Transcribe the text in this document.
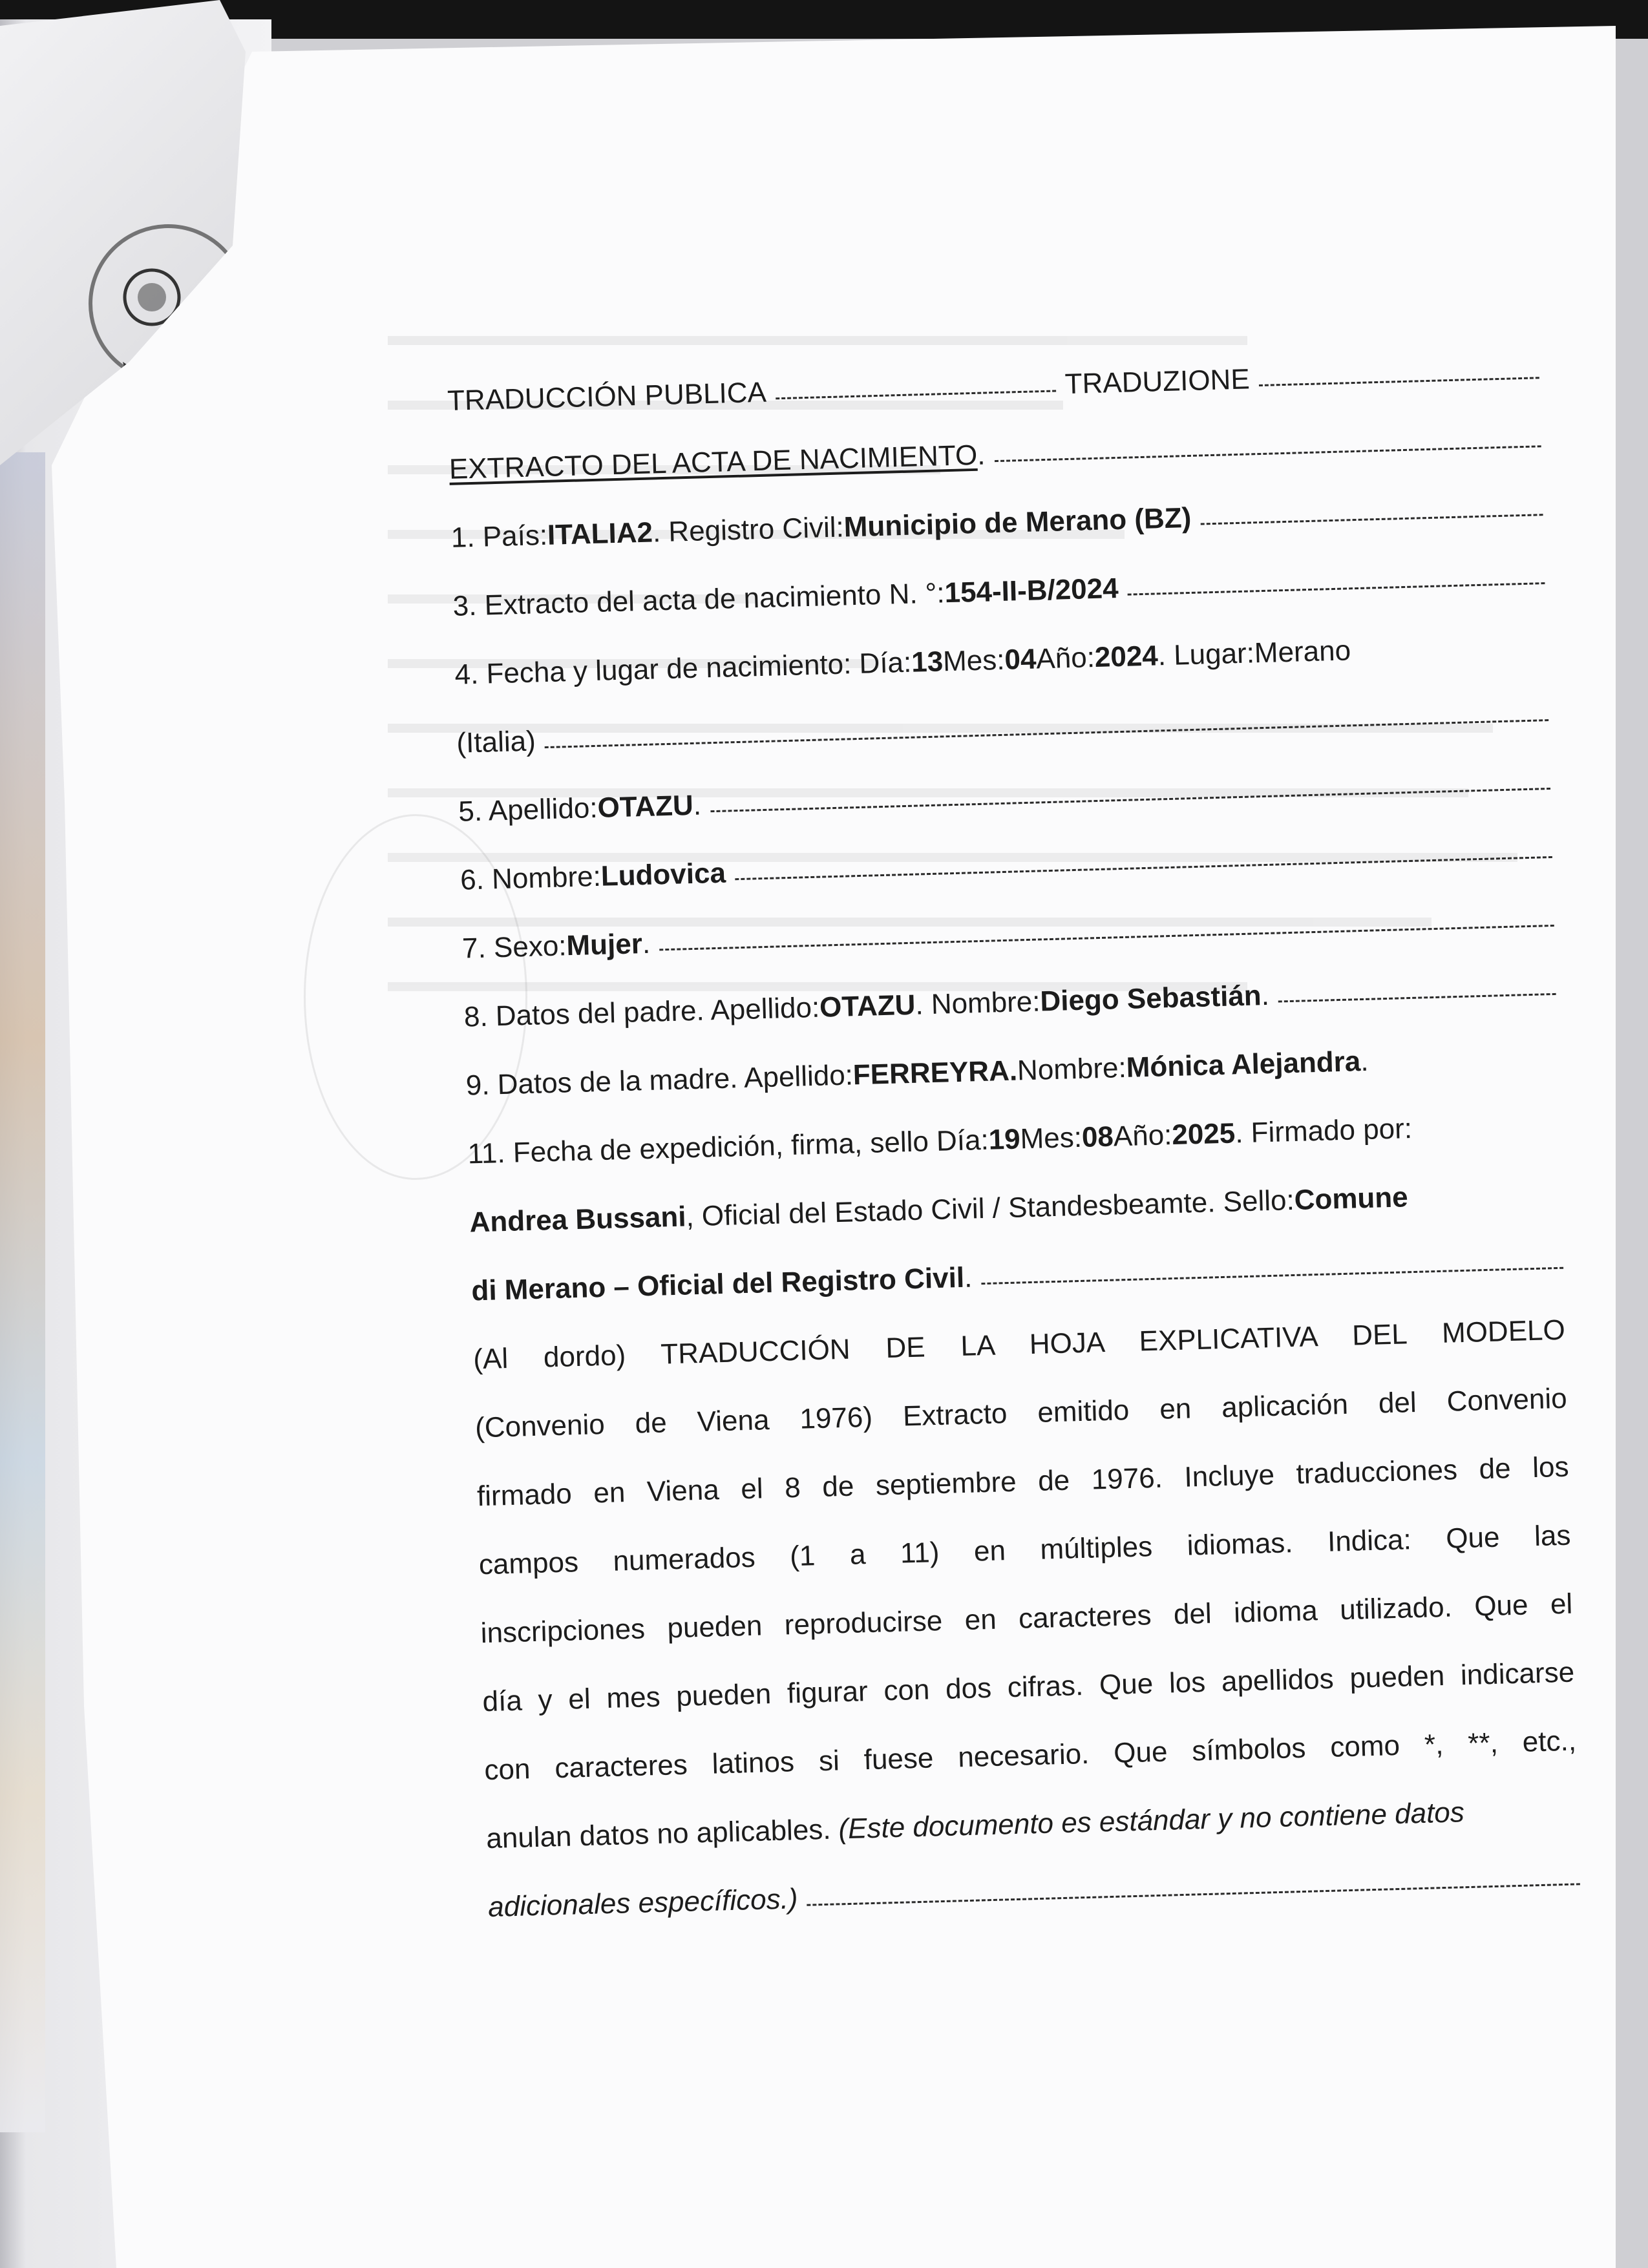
TRADUCCIÓN PUBLICA	TRADUZIONE
EXTRACTO DEL ACTA DE NACIMIENTO
.
1. País:
ITALIA
2
. Registro Civil:
Municipio de Merano (BZ)
3. Extracto del acta de nacimiento N. °:
154-II-B/2024
4. Fecha y lugar de nacimiento: Día:
13
Mes:
04
Año:
2024
. Lugar:
Merano
(Italia)
5. Apellido:
OTAZU
.
6. Nombre:
Ludovica
7. Sexo:
Mujer
.
8. Datos del padre. Apellido:
OTAZU
. Nombre:
Diego Sebastián
.
9. Datos de la madre. Apellido:
FERREYRA.
Nombre:
Mónica Alejandra
.
11. Fecha de expedición, firma, sello Día:
19
Mes:
08
Año:
2025
. Firmado por:
Andrea Bussani
, Oficial del Estado Civil / Standesbeamte. Sello:
Comune
di Merano – Oficial del Registro Civil
.
(Al dordo) TRADUCCIÓN DE LA HOJA EXPLICATIVA DEL MODELO
(Convenio de Viena 1976) Extracto emitido en aplicación del Convenio
firmado en Viena el 8 de septiembre de 1976. Incluye traducciones de los
campos numerados (1 a 11) en múltiples idiomas. Indica: Que las
inscripciones pueden reproducirse en caracteres del idioma utilizado. Que el
día y el mes pueden figurar con dos cifras. Que los apellidos pueden indicarse
con caracteres latinos si fuese necesario. Que símbolos como *, **, etc.,
anulan datos no aplicables. (Este documento es estándar y no contiene datos
adicionales específicos.)
